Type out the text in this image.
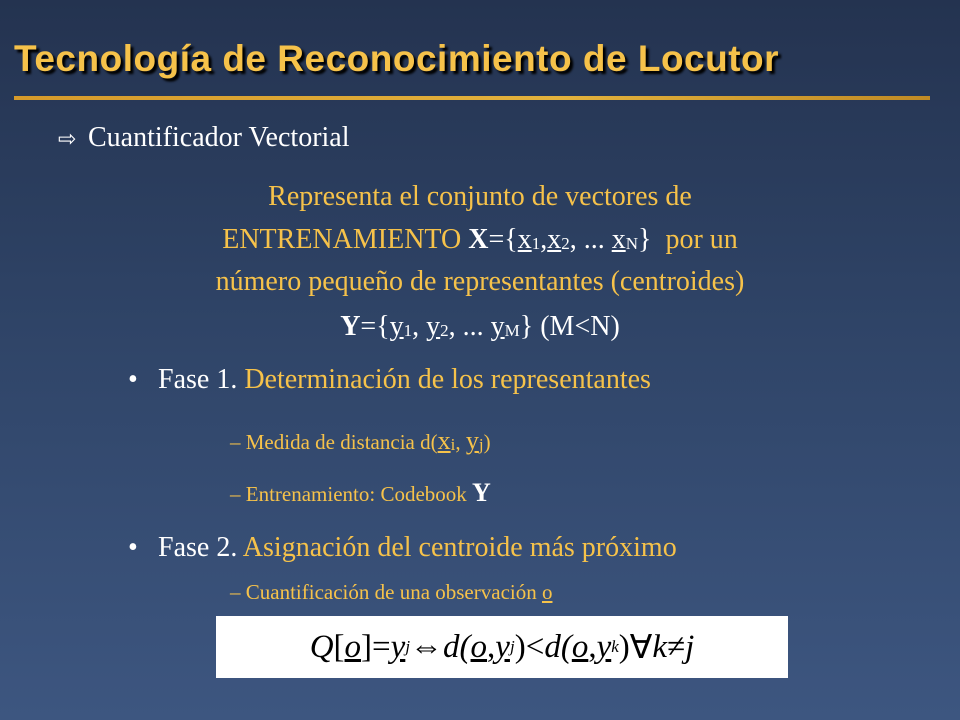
Tecnología de Reconocimiento de Locutor
⇨ Cuantificador Vectorial
Representa el conjunto de vectores de
ENTRENAMIENTO $X=\{x_1,x_2$, ... $x_N$} por un
número pequeño de representantes (centroides)
$Y=\{y_1$, $y_2$, ... $y_M$} (M<N)
• Fase 1. Determinación de los representantes
– Medida de distancia $d(x_i$, $y_j$)
– Entrenamiento: Codebook Y
• Fase 2. Asignación del centroide más próximo
– Cuantificación de una observación o
Q [ o ] = y j ⇔ d( o , y j ) < d( o , y k ) ∀ k ≠ j
